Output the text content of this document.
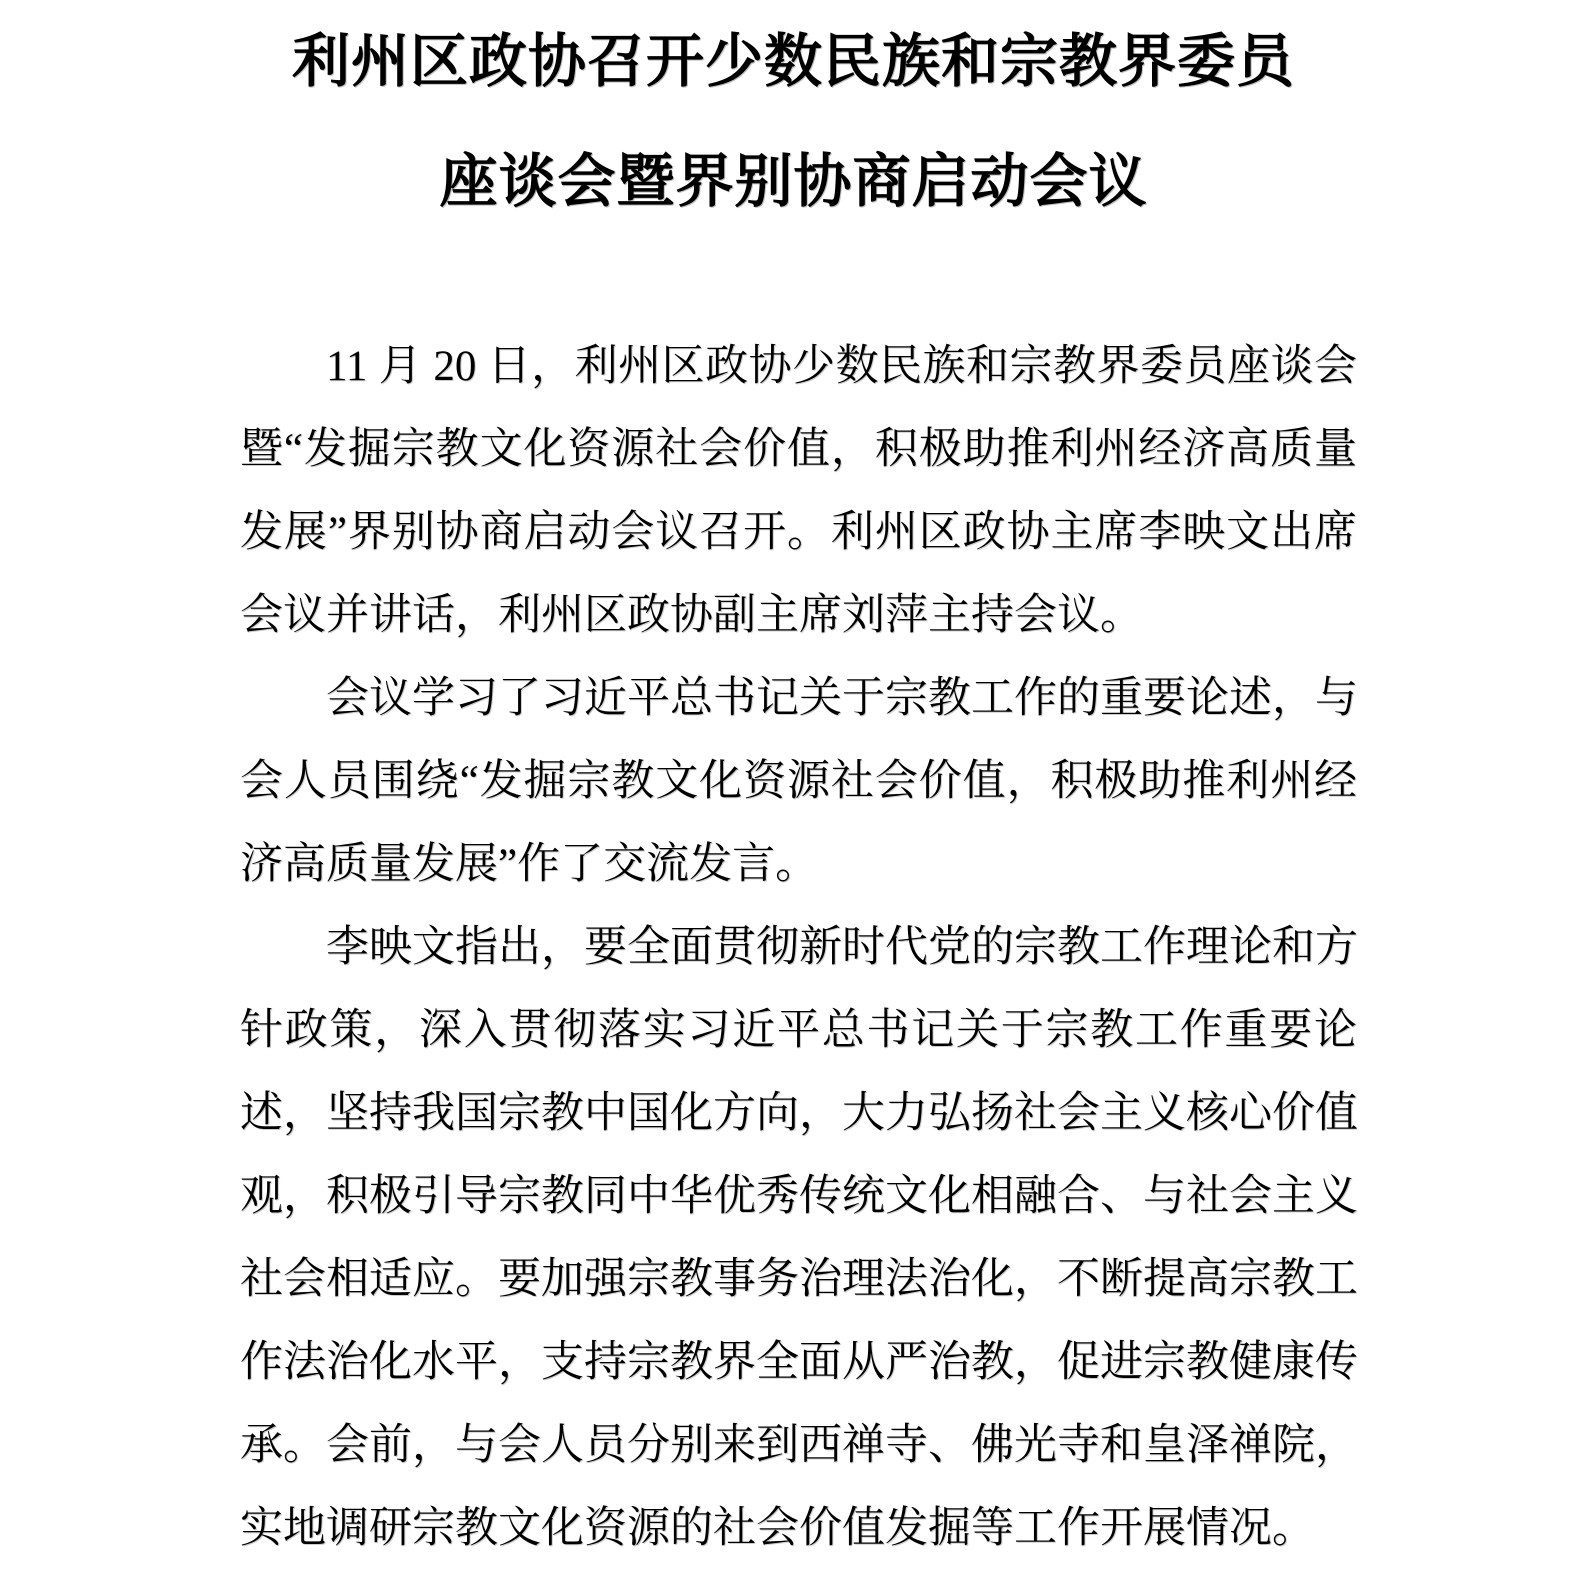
利州区政协召开少数民族和宗教界委员
座谈会暨界别协商启动会议
11 月 20 日，利州区政协少数民族和宗教界委员座谈会
暨“发掘宗教文化资源社会价值，积极助推利州经济高质量
发展”界别协商启动会议召开。利州区政协主席李映文出席
会议并讲话，利州区政协副主席刘萍主持会议。
会议学习了习近平总书记关于宗教工作的重要论述，与
会人员围绕“发掘宗教文化资源社会价值，积极助推利州经
济高质量发展”作了交流发言。
李映文指出，要全面贯彻新时代党的宗教工作理论和方
针政策，深入贯彻落实习近平总书记关于宗教工作重要论
述，坚持我国宗教中国化方向，大力弘扬社会主义核心价值
观，积极引导宗教同中华优秀传统文化相融合、与社会主义
社会相适应。要加强宗教事务治理法治化，不断提高宗教工
作法治化水平，支持宗教界全面从严治教，促进宗教健康传
承。会前，与会人员分别来到西禅寺、佛光寺和皇泽禅院，
实地调研宗教文化资源的社会价值发掘等工作开展情况。
